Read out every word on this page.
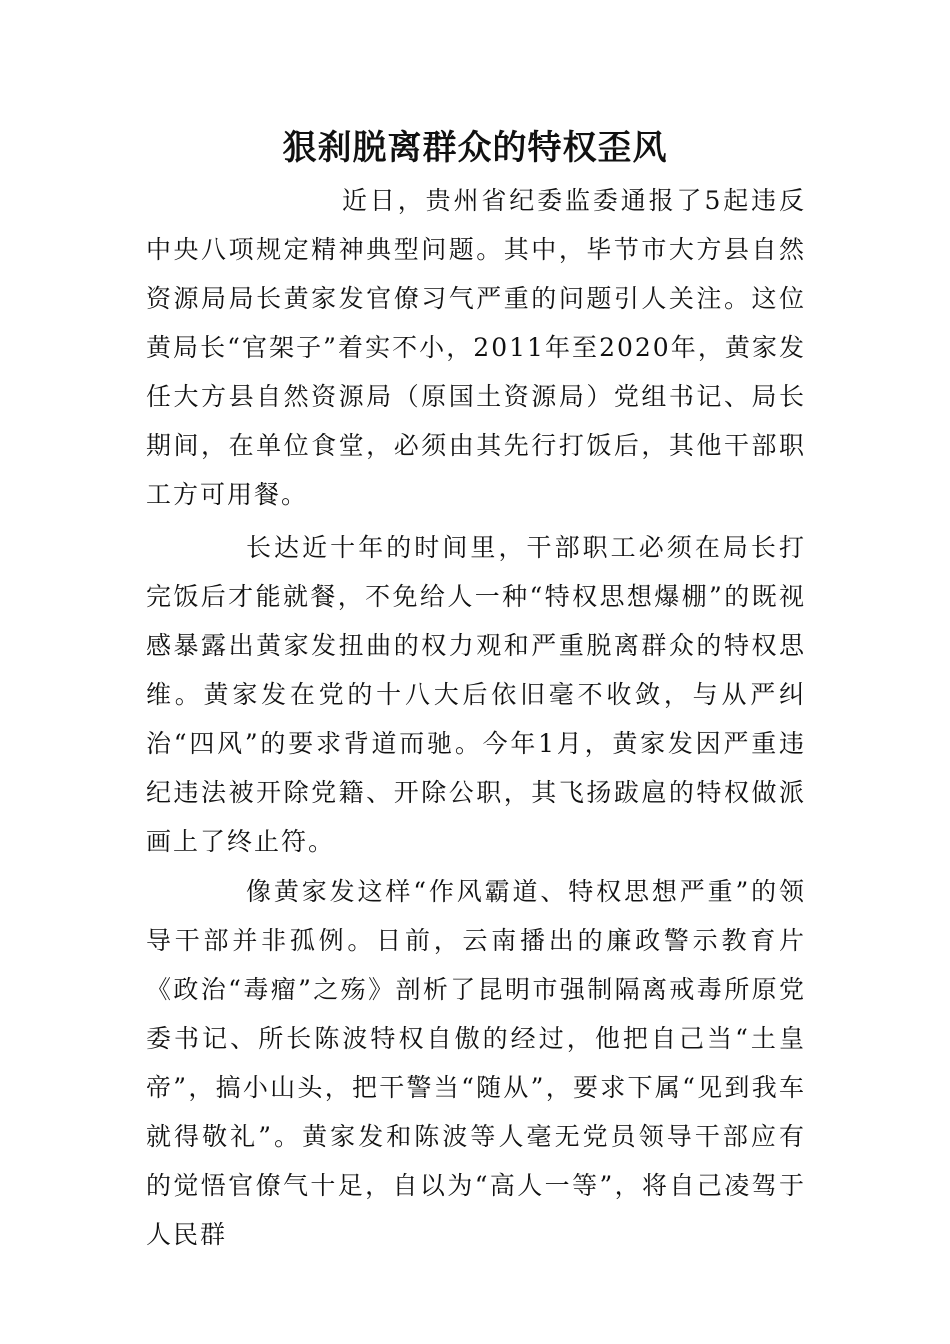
狠刹脱离群众的特权歪风

近日，贵州省纪委监委通报了5起违反中央八项规定精神典型问题。其中，毕节市大方县自然资源局局长黄家发官僚习气严重的问题引人关注。这位黄局长“官架子”着实不小，2011年至2020年，黄家发任大方县自然资源局（原国土资源局）党组书记、局长期间，在单位食堂，必须由其先行打饭后，其他干部职工方可用餐。

长达近十年的时间里，干部职工必须在局长打完饭后才能就餐，不免给人一种“特权思想爆棚”的既视感暴露出黄家发扭曲的权力观和严重脱离群众的特权思维。黄家发在党的十八大后依旧毫不收敛，与从严纠治“四风”的要求背道而驰。今年1月，黄家发因严重违纪违法被开除党籍、开除公职，其飞扬跋扈的特权做派画上了终止符。

像黄家发这样“作风霸道、特权思想严重”的领导干部并非孤例。日前，云南播出的廉政警示教育片《政治“毒瘤”之殇》剖析了昆明市强制隔离戒毒所原党委书记、所长陈波特权自傲的经过，他把自己当“土皇帝”，搞小山头，把干警当“随从”，要求下属“见到我车就得敬礼”。黄家发和陈波等人毫无党员领导干部应有的觉悟官僚气十足，自以为“高人一等”，将自己凌驾于人民群
